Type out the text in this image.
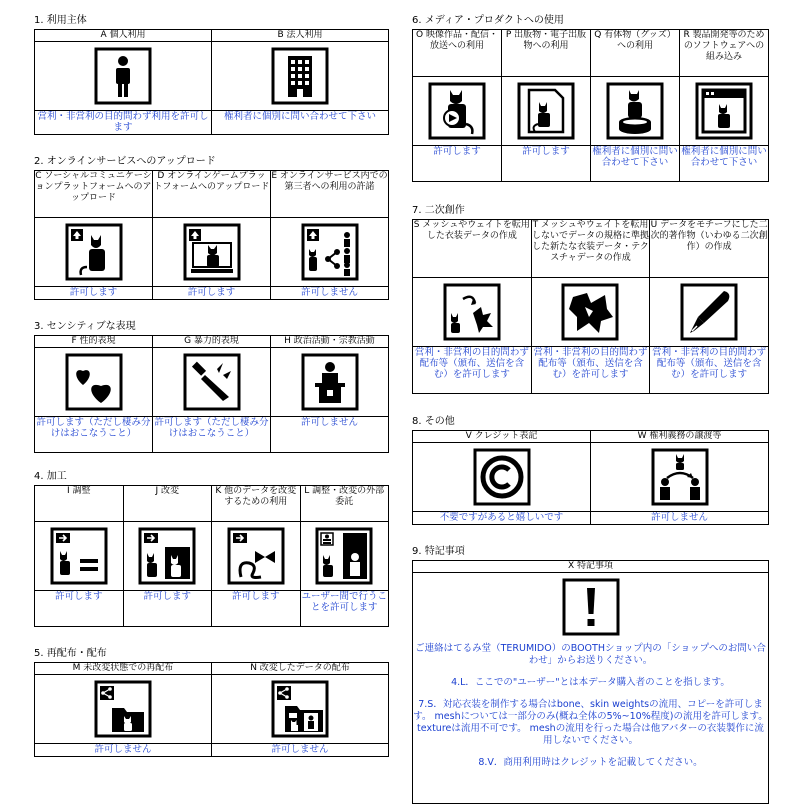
1. 利用主体
A 個人利用	B 法人利用

営利・非営利の目的問わず利用を許可します	権利者に個別に問い合わせて下さい
2. オンラインサービスへのアップロード
C ソーシャルコミュニケーションプラットフォームへのアップロード	D オンラインゲームプラットフォームへのアップロード	E オンラインサービス内での第三者への利用の許諾

許可します	許可します	許可しません
3. センシティブな表現
F 性的表現	G 暴力的表現	H 政治活動・宗教活動

許可します（ただし棲み分けはおこなうこと）	許可します（ただし棲み分けはおこなうこと）	許可しません
4. 加工
I 調整	J 改変	K 他のデータを改変するための利用	L 調整・改変の外部委託

許可します	許可します	許可します	ユーザー間で行うことを許可します
5. 再配布・配布
M 未改変状態での再配布	N 改変したデータの配布

許可しません	許可しません
6. メディア・プロダクトへの使用
O 映像作品・配信・放送への利用	P 出版物・電子出版物への利用	Q 有体物（グッズ）への利用	R 製品開発等のためのソフトウェアへの組み込み

許可します	許可します	権利者に個別に問い合わせて下さい	権利者に個別に問い合わせて下さい
7. 二次創作
S メッシュやウェイトを転用した衣装データの作成	T メッシュやウェイトを転用しないでデータの規格に準拠した新たな衣装データ・テクスチャデータの作成	U データをモチーフにした二次的著作物（いわゆる二次創作）の作成

営利・非営利の目的問わず配布等（頒布、送信を含む）を許可します	営利・非営利の目的問わず配布等（頒布、送信を含む）を許可します	営利・非営利の目的問わず配布等（頒布、送信を含む）を許可します
8. その他
V クレジット表記	W 権利義務の譲渡等

不要ですがあると嬉しいです	許可しません
9. 特記事項
X 特記事項

ご連絡はてるみ堂（TERUMIDO）のBOOTHショップ内の「ショップへのお問い合わせ」からお送りください。

4.L．ここでの"ユーザー"とは本データ購入者のことを指します。

7.S．対応衣装を制作する場合はbone、skin weightsの流用、コピーを許可します。 meshについては一部分のみ(概ね全体の5%~10%程度)の流用を許可します。 textureは流用不可です。 meshの流用を行った場合は他アバターの衣装製作に流用しないでください。

8.V．商用利用時はクレジットを記載してください。
